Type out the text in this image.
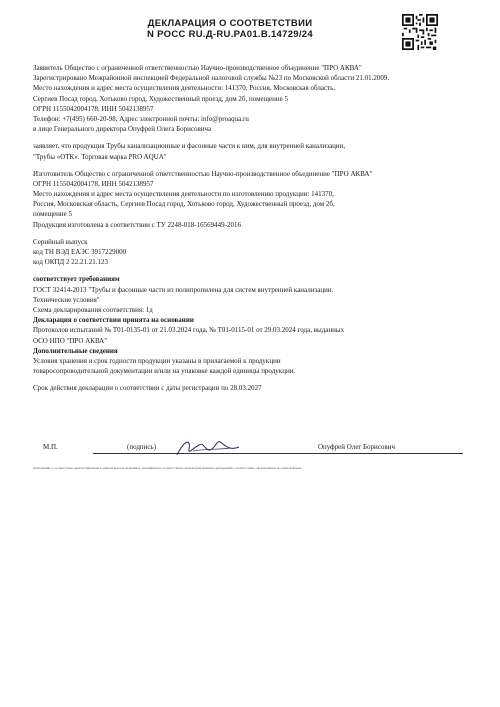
ДЕКЛАРАЦИЯ О СООТВЕТСТВИИ
N РОСС RU.Д-RU.PA01.B.14729/24
Заявитель Общество с ограниченной ответственностью Научно-производственное объединение "ПРО АКВА"
Зарегистрировано Межрайонной инспекцией Федеральной налоговой службы №23 по Московской области 21.01.2009.
Место нахождения и адрес места осуществления деятельности: 141370, Россия, Московская область,
Сергиев Посад город, Хотьково город, Художественный проезд, дом 2б, помещение 5
ОГРН 1155042004178, ИНН 5042138957
Телефон: +7(495) 660-20-98, Адрес электронной почты: info@proaqua.ru
в лице Генерального директора Опуфрей Олега Борисовича
заявляет, что продукция Трубы канализационные и фасонные части к ним, для внутренней канализации,
"Трубы «ОТК». Торговая марка PRO AQUA"
Изготовитель Общество с ограниченной ответственностью Научно-производственное объединение "ПРО АКВА"
ОГРН 1155042004178, ИНН 5042138957
Место нахождения и адрес места осуществления деятельности по изготовлению продукции: 141370,
Россия, Московская область, Сергиев Посад город, Хотьково город, Художественный проезд, дом 2б,
помещение 5
Продукция изготовлена в соответствии с ТУ 2248-018-16569449-2016
Серийный выпуск
код ТН ВЭД ЕАЭС 3917229000
код ОКПД 2 22.21.21.123
соответствует требованиям
ГОСТ 32414-2013 "Трубы и фасонные части из полипропилена для систем внутренней канализации.
Технические условия"
Схема декларирования соответствия: 1д
Декларация о соответствии принята на основании
Протоколов испытаний № Т01-0135-01 от 21.03.2024 года, № Т01-0115-01 от 29.03.2024 года, выданных
ОСО НПО "ПРО АКВА"
Дополнительные сведения
Условия хранения и срок годности продукции указаны в прилагаемой к продукции
товаросопроводительной документации и/или на упаковке каждой единицы продукции.
Срок действия декларации о соответствии с даты регистрации по 28.03.2027
М.П.	(подпись)	Опуфрей Олег Борисович
Декларация о соответствии зарегистрирована в едином реестре выданных сертификатов соответствия и зарегистрированных деклараций о соответствии, оформленных по единой форме
